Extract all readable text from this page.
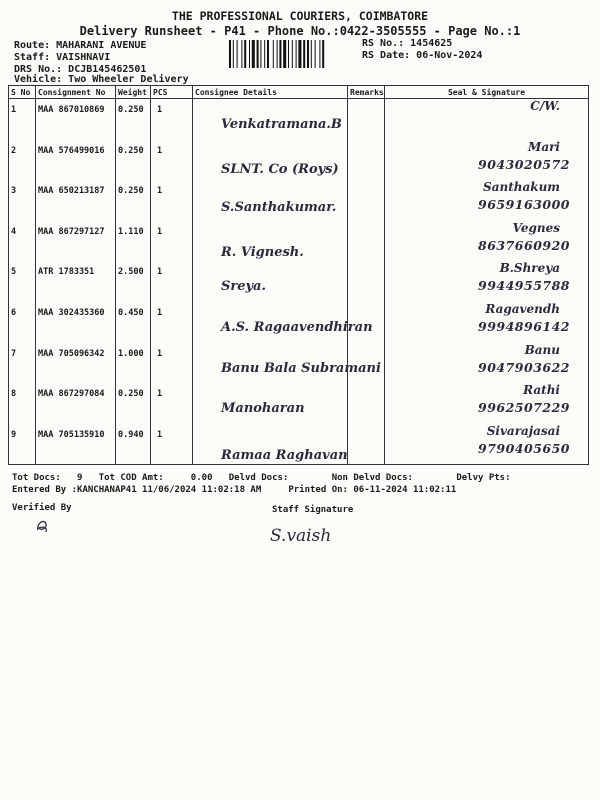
THE PROFESSIONAL COURIERS, COIMBATORE
Delivery Runsheet - P41 - Phone No.:0422-3505555 - Page No.:1
Route: MAHARANI AVENUE
Staff: VAISHNAVI
DRS No.: DCJB145462501
Vehicle: Two Wheeler Delivery
RS No.: 1454625
RS Date: 06-Nov-2024
S No	Consignment No	Weight	PCS	Consignee Details	Remarks	Seal & Signature
1	MAA 867010869	0.250	1	Venkatramana.B		C/W.

2	MAA 576499016	0.250	1	SLNT. Co (Roys)		Mari
9043020572

3	MAA 650213187	0.250	1	S.Santhakumar.		Santhakum
9659163000

4	MAA 867297127	1.110	1	R. Vignesh.		Vegnes
8637660920

5	ATR 1783351	2.500	1	Sreya.		B.Shreya
9944955788

6	MAA 302435360	0.450	1	A.S. Ragaavendhiran		Ragavendh
9994896142

7	MAA 705096342	1.000	1	Banu Bala Subramani		Banu
9047903622

8	MAA 867297084	0.250	1	Manoharan		Rathi
9962507229

9	MAA 705135910	0.940	1	Ramaa Raghavan		Sivarajasai
9790405650
Tot Docs:   9   Tot COD Amt:     0.00   Delvd Docs:        Non Delvd Docs:        Delvy Pts:
Entered By :KANCHANAP41 11/06/2024 11:02:18 AM     Printed On: 06-11-2024 11:02:11
Verified By	Staff Signature
S.vaish
